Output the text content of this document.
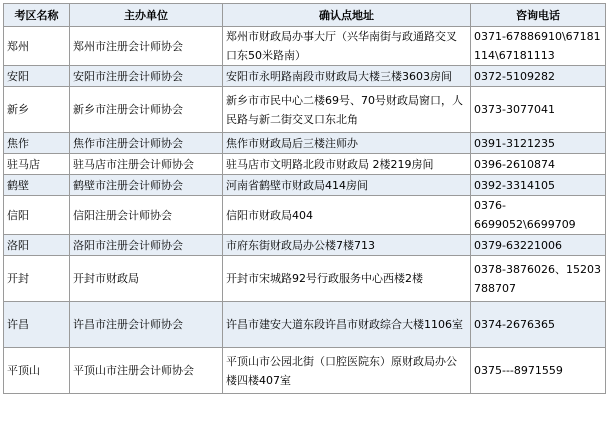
考区名称	主办单位	确认点地址	咨询电话
郑州	郑州市注册会计师协会	郑州市财政局办事大厅（兴华南街与政通路交叉口东50米路南）	0371-67886910\67181114\67181113
安阳	安阳市注册会计师协会	安阳市永明路南段市财政局大楼三楼3603房间	0372-5109282
新乡	新乡市注册会计师协会	新乡市市民中心二楼69号、70号财政局窗口，人民路与新二街交叉口东北角	0373-3077041
焦作	焦作市注册会计师协会	焦作市财政局后三楼注师办	0391-3121235
驻马店	驻马店市注册会计师协会	驻马店市文明路北段市财政局 2楼219房间	0396-2610874
鹤壁	鹤壁市注册会计师协会	河南省鹤壁市财政局414房间	0392-3314105
信阳	信阳注册会计师协会	信阳市财政局404	0376-6699052\6699709
洛阳	洛阳市注册会计师协会	市府东街财政局办公楼7楼713	0379-63221006
开封	开封市财政局	开封市宋城路92号行政服务中心西楼2楼	0378-3876026、15203788707
许昌	许昌市注册会计师协会	许昌市建安大道东段许昌市财政综合大楼1106室	0374-2676365
平顶山	平顶山市注册会计师协会	平顶山市公园北街（口腔医院东）原财政局办公楼四楼407室	0375---8971559
